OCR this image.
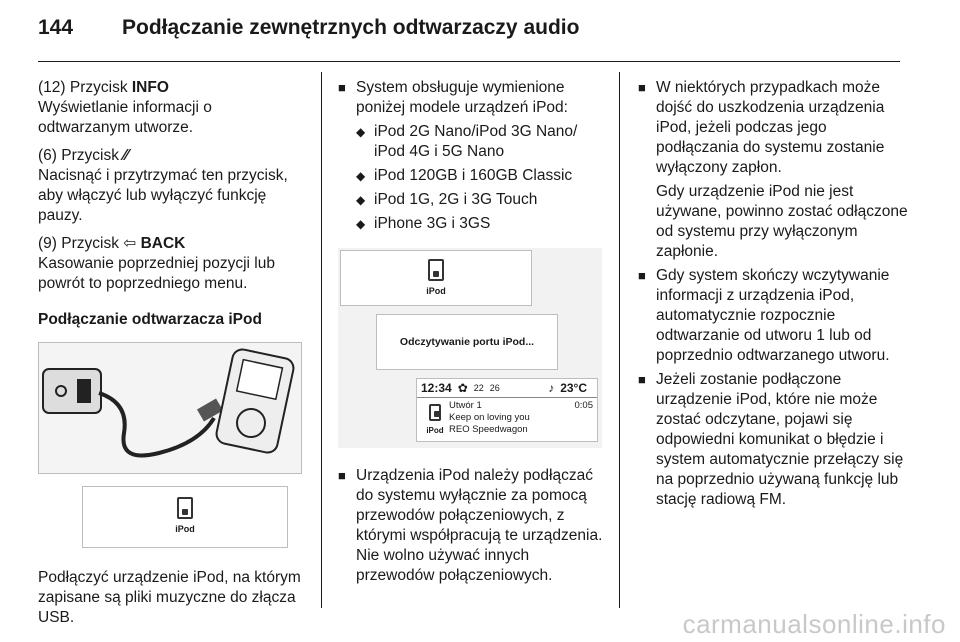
144	Podłączanie zewnętrznych odtwarzaczy audio

(12) Przycisk INFO

Wyświetlanie informacji o odtwarzanym utworze.

(6) Przycisk ⁄⁄

Nacisnąć i przytrzymać ten przycisk, aby włączyć lub wyłączyć funkcję pauzy.

(9) Przycisk ⇦ BACK

Kasowanie poprzedniej pozycji lub powrót to poprzedniego menu.

Podłączanie odtwarzacza iPod

iPod

Podłączyć urządzenie iPod, na którym zapisane są pliki muzyczne do złącza USB.

■ System obsługuje wymienione poniżej modele urządzeń iPod:
◆ iPod 2G Nano/iPod 3G Nano/ iPod 4G i 5G Nano
◆ iPod 120GB i 160GB Classic
◆ iPod 1G, 2G i 3G Touch
◆ iPhone 3G i 3GS
iPod
Odczytywanie portu iPod...
12:34 ✿ 22 26	♪ 23°C
iPod
Utwór 1	0:05
Keep on loving you
REO Speedwagon
■ Urządzenia iPod należy podłączać do systemu wyłącznie za pomocą przewodów połączeniowych, z którymi współpracują te urządzenia. Nie wolno używać innych przewodów połączeniowych.
■ W niektórych przypadkach może dojść do uszkodzenia urządzenia iPod, jeżeli podczas jego podłączania do systemu zostanie wyłączony zapłon.

Gdy urządzenie iPod nie jest używane, powinno zostać odłączone od systemu przy wyłączonym zapłonie.

■ Gdy system skończy wczytywanie informacji z urządzenia iPod, automatycznie rozpocznie odtwarzanie od utworu 1 lub od poprzednio odtwarzanego utworu.
■ Jeżeli zostanie podłączone urządzenie iPod, które nie może zostać odczytane, pojawi się odpowiedni komunikat o błędzie i system automatycznie przełączy się na poprzednio używaną funkcję lub stację radiową FM.
carmanualsonline.info
